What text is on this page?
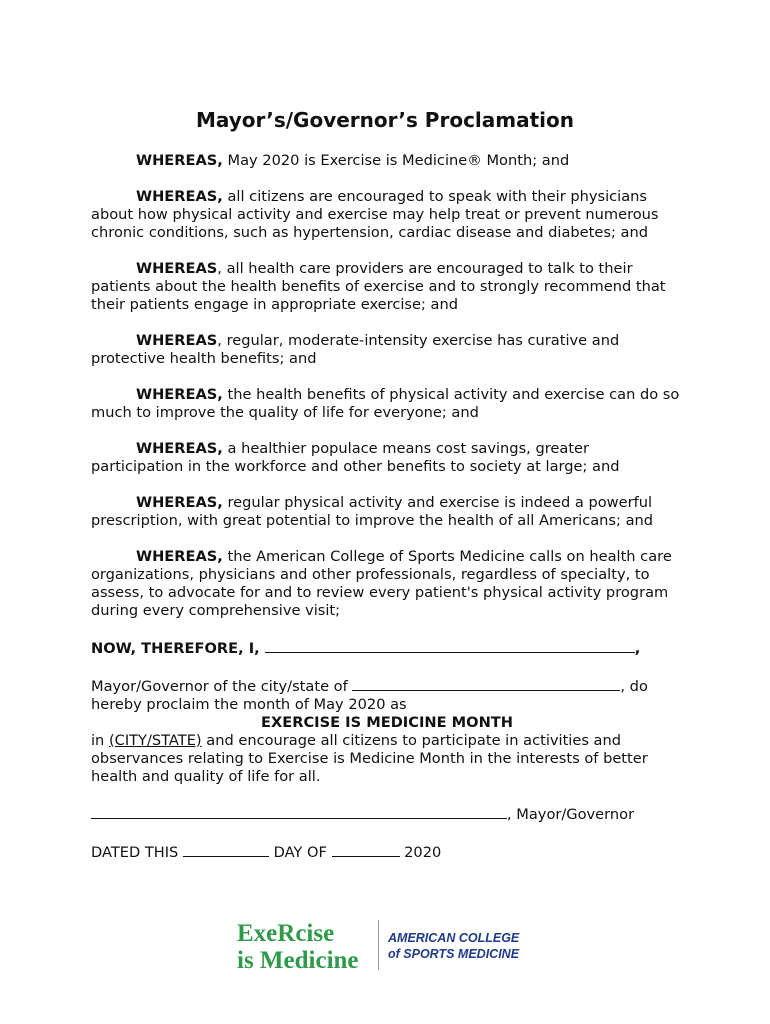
Mayor’s/Governor’s Proclamation

WHEREAS, May 2020 is Exercise is Medicine® Month; and

WHEREAS, all citizens are encouraged to speak with their physicians about how physical activity and exercise may help treat or prevent numerous chronic conditions, such as hypertension, cardiac disease and diabetes; and

WHEREAS, all health care providers are encouraged to talk to their patients about the health benefits of exercise and to strongly recommend that their patients engage in appropriate exercise; and

WHEREAS, regular, moderate-intensity exercise has curative and protective health benefits; and

WHEREAS, the health benefits of physical activity and exercise can do so much to improve the quality of life for everyone; and

WHEREAS, a healthier populace means cost savings, greater participation in the workforce and other benefits to society at large; and

WHEREAS, regular physical activity and exercise is indeed a powerful prescription, with great potential to improve the health of all Americans; and

WHEREAS, the American College of Sports Medicine calls on health care organizations, physicians and other professionals, regardless of specialty, to assess, to advocate for and to review every patient's physical activity program during every comprehensive visit;

NOW, THEREFORE, I,	,

Mayor/Governor of the city/state of	, do

hereby proclaim the month of May 2020 as

EXERCISE IS MEDICINE MONTH

in (CITY/STATE) and encourage all citizens to participate in activities and observances relating to Exercise is Medicine Month in the interests of better health and quality of life for all.

, Mayor/Governor

DATED THIS	DAY OF	2020

ExeRcise
is Medicine
AMERICAN COLLEGE
of SPORTS MEDICINE
